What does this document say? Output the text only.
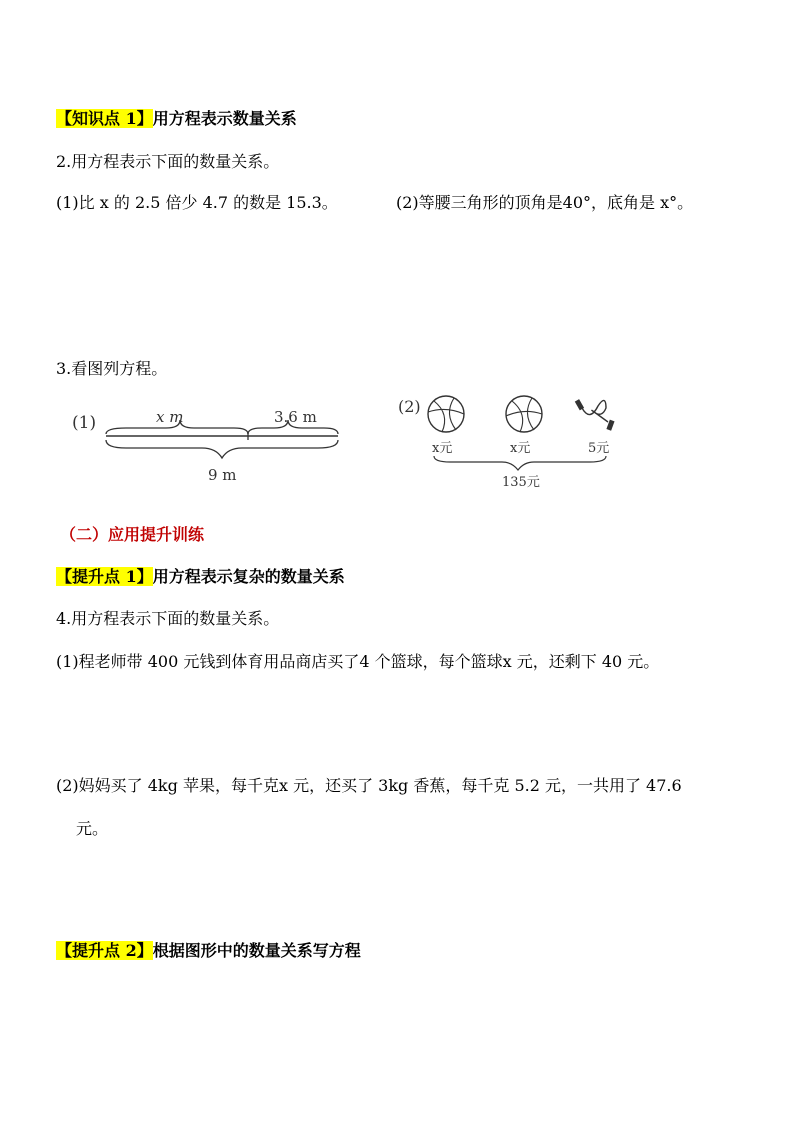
【知识点 1】用方程表示数量关系
2.用方程表示下面的数量关系。
(1)比 x 的 2.5 倍少 4.7 的数是 15.3。	(2)等腰三角形的顶角是40°，底角是 x°。
3.看图列方程。
(1)	x m	3.6 m
9 m
(2)
x元	x元	5元
135元
（二）应用提升训练
【提升点 1】用方程表示复杂的数量关系
4.用方程表示下面的数量关系。
(1)程老师带 400 元钱到体育用品商店买了4 个篮球，每个篮球x 元，还剩下 40 元。
(2)妈妈买了 4kg 苹果，每千克x 元，还买了 3kg 香蕉，每千克 5.2 元，一共用了 47.6
元。
【提升点 2】根据图形中的数量关系写方程
